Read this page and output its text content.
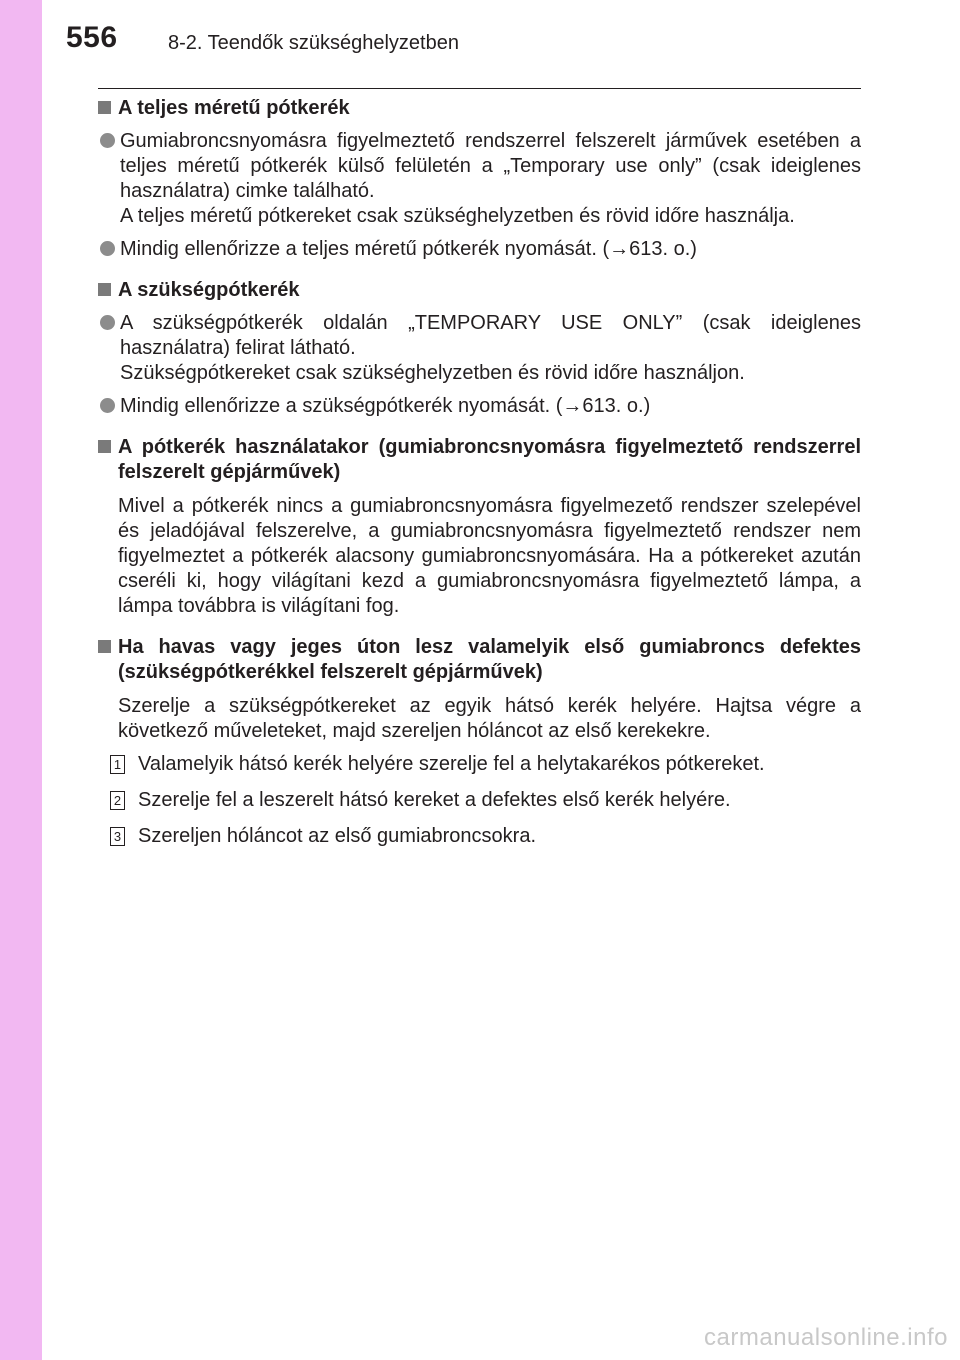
556	8-2. Teendők szükséghelyzetben
A teljes méretű pótkerék
Gumiabroncsnyomásra figyelmeztető rendszerrel felszerelt járművek esetében a teljes méretű pótkerék külső felületén a „Temporary use only” (csak ideiglenes használatra) cimke található.
A teljes méretű pótkereket csak szükséghelyzetben és rövid időre használja.
Mindig ellenőrizze a teljes méretű pótkerék nyomását. (→613. o.)
A szükségpótkerék
A szükségpótkerék oldalán „TEMPORARY USE ONLY” (csak ideiglenes használatra) felirat látható.
Szükségpótkereket csak szükséghelyzetben és rövid időre használjon.
Mindig ellenőrizze a szükségpótkerék nyomását. (→613. o.)
A pótkerék használatakor (gumiabroncsnyomásra figyelmeztető rendszerrel felszerelt gépjárművek)
Mivel a pótkerék nincs a gumiabroncsnyomásra figyelmezető rendszer szelepével és jeladójával felszerelve, a gumiabroncsnyomásra figyelmeztető rendszer nem figyelmeztet a pótkerék alacsony gumiabroncsnyomására. Ha a pótkereket azután cseréli ki, hogy világítani kezd a gumiabroncsnyomásra figyelmeztető lámpa, a lámpa továbbra is világítani fog.
Ha havas vagy jeges úton lesz valamelyik első gumiabroncs defektes (szükségpótkerékkel felszerelt gépjárművek)
Szerelje a szükségpótkereket az egyik hátsó kerék helyére. Hajtsa végre a következő műveleteket, majd szereljen hóláncot az első kerekekre.
1 Valamelyik hátsó kerék helyére szerelje fel a helytakarékos pótkereket.
2 Szerelje fel a leszerelt hátsó kereket a defektes első kerék helyére.
3 Szereljen hóláncot az első gumiabroncsokra.
carmanualsonline.info
